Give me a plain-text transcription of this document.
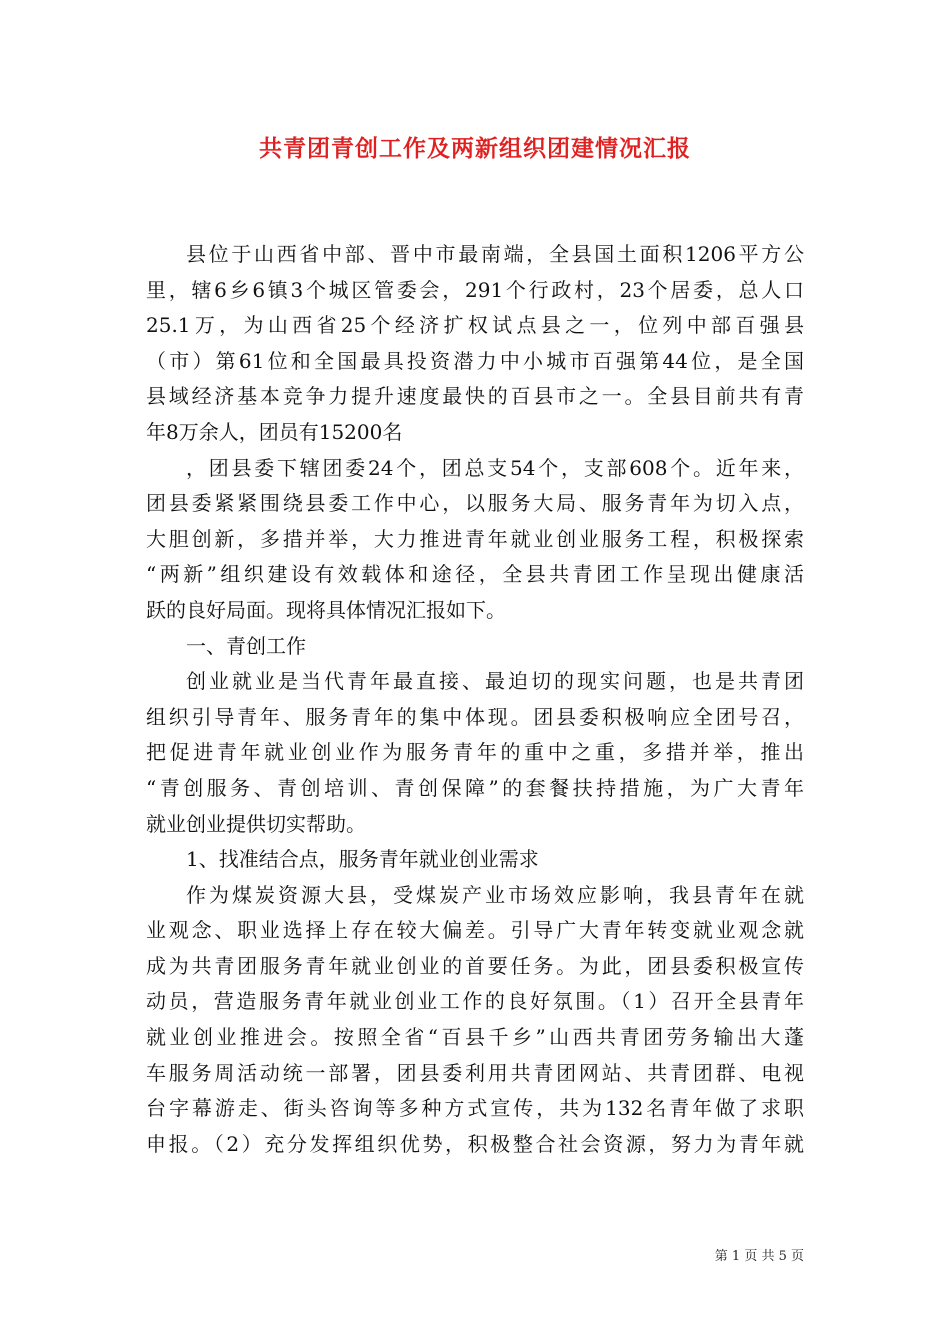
共青团青创工作及两新组织团建情况汇报
县位于山西省中部、晋中市最南端，全县国土面积1206平方公
里，辖6乡6镇3个城区管委会，291个行政村，23个居委，总人口
25.1万，为山西省25个经济扩权试点县之一，位列中部百强县
（市）第61位和全国最具投资潜力中小城市百强第44位，是全国
县域经济基本竞争力提升速度最快的百县市之一。全县目前共有青
年8万余人，团员有15200名
，团县委下辖团委24个，团总支54个，支部608个。近年来，
团县委紧紧围绕县委工作中心，以服务大局、服务青年为切入点，
大胆创新，多措并举，大力推进青年就业创业服务工程，积极探索
“两新”组织建设有效载体和途径，全县共青团工作呈现出健康活
跃的良好局面。现将具体情况汇报如下。
一、青创工作
创业就业是当代青年最直接、最迫切的现实问题，也是共青团
组织引导青年、服务青年的集中体现。团县委积极响应全团号召，
把促进青年就业创业作为服务青年的重中之重，多措并举，推出
“青创服务、青创培训、青创保障”的套餐扶持措施，为广大青年
就业创业提供切实帮助。
1、找准结合点，服务青年就业创业需求
作为煤炭资源大县，受煤炭产业市场效应影响，我县青年在就
业观念、职业选择上存在较大偏差。引导广大青年转变就业观念就
成为共青团服务青年就业创业的首要任务。为此，团县委积极宣传
动员，营造服务青年就业创业工作的良好氛围。（1）召开全县青年
就业创业推进会。按照全省“百县千乡”山西共青团劳务输出大蓬
车服务周活动统一部署，团县委利用共青团网站、共青团群、电视
台字幕游走、街头咨询等多种方式宣传，共为132名青年做了求职
申报。（2）充分发挥组织优势，积极整合社会资源，努力为青年就
第 1 页 共 5 页
